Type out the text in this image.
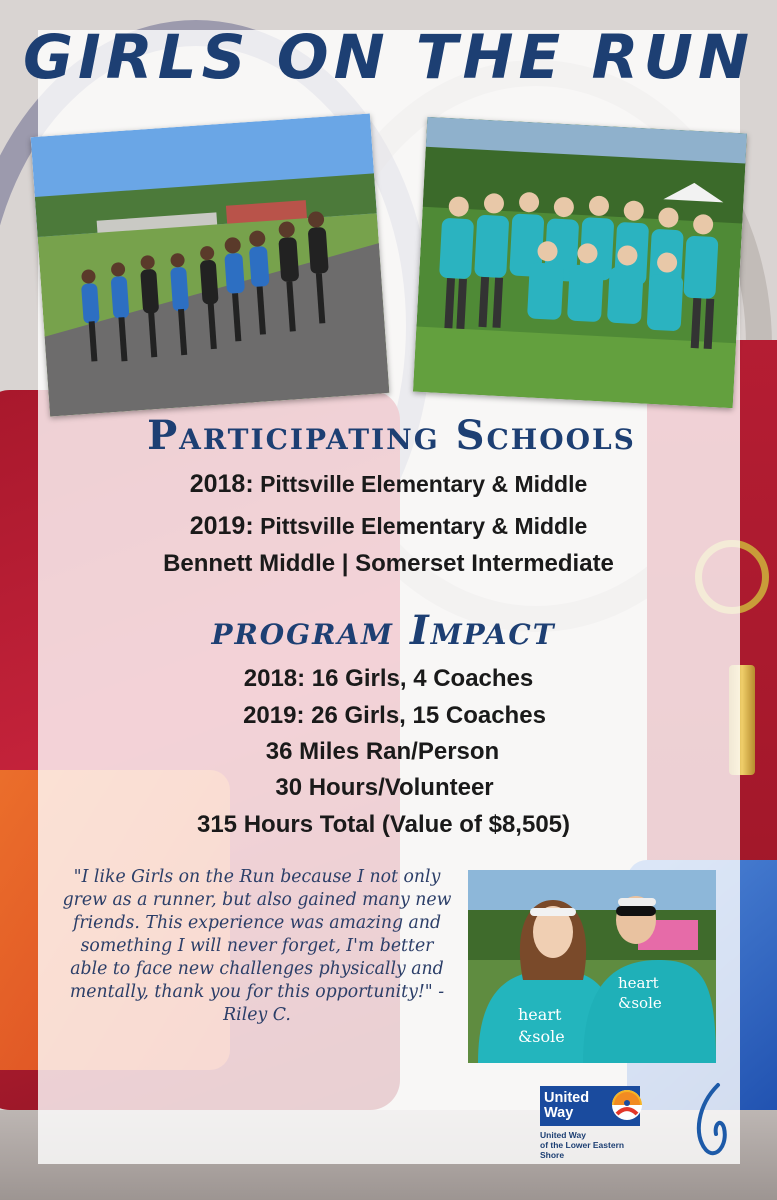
GIRLS ON THE RUN
Participating Schools
2018: Pittsville Elementary & Middle
2019: Pittsville Elementary & Middle
Bennett Middle | Somerset Intermediate
program Impact
2018: 16 Girls, 4 Coaches
2019: 26 Girls, 15 Coaches
36 Miles Ran/Person
30 Hours/Volunteer
315 Hours Total (Value of $8,505)
"I like Girls on the Run because I not only grew as a runner, but also gained many new friends. This experience was amazing and something I will never forget, I'm better able to face new challenges physically and mentally, thank you for this opportunity!" - Riley C.	heart
&sole
heart
&sole
United
Way
United Way
of the Lower Eastern Shore
